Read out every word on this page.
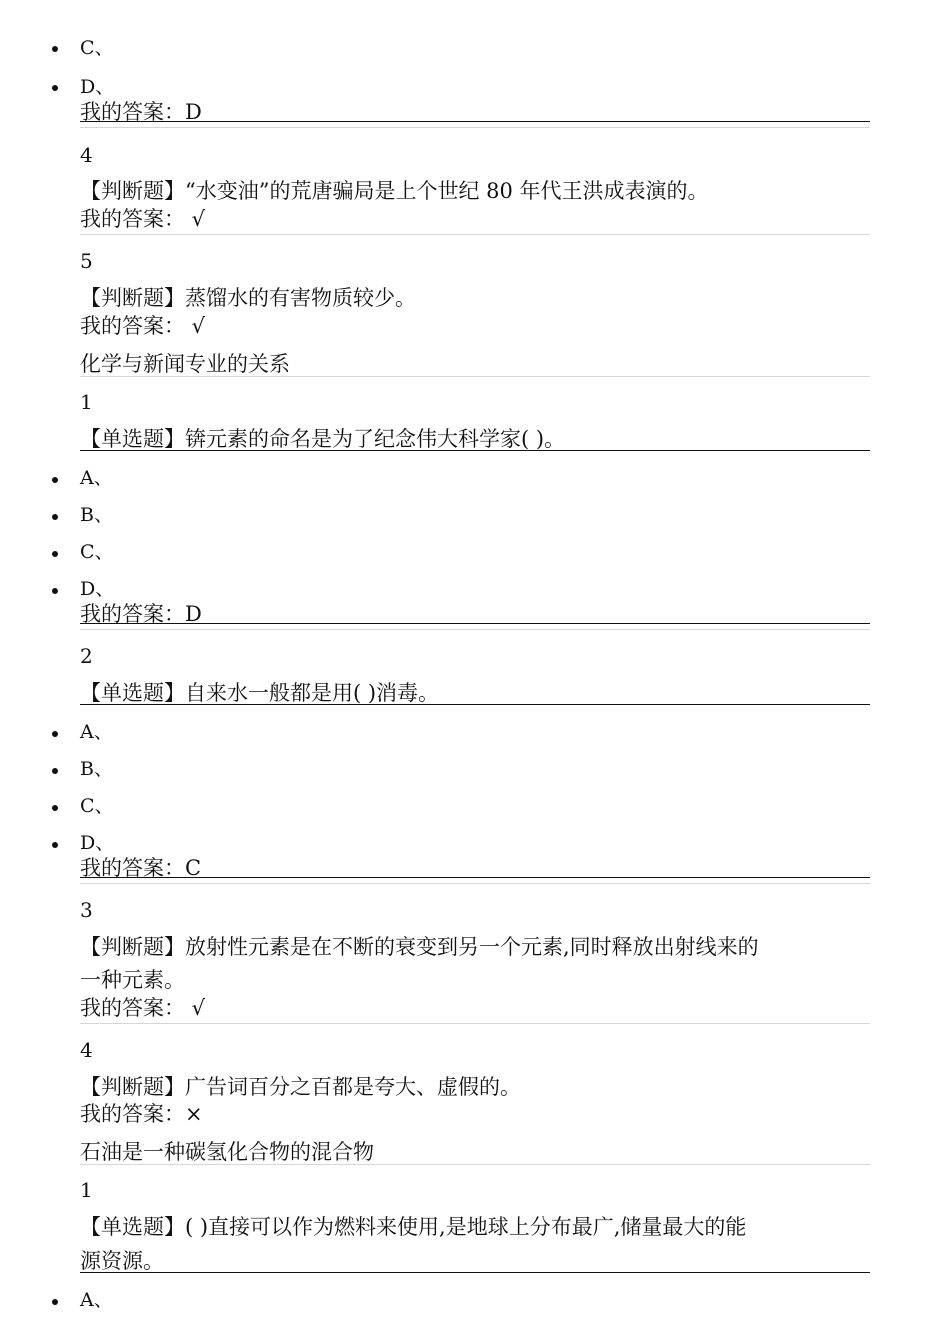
C、
D、

我的答案：D

4

【判断题】“水变油”的荒唐骗局是上个世纪 80 年代王洪成表演的。

我的答案： √

5

【判断题】蒸馏水的有害物质较少。

我的答案： √

化学与新闻专业的关系

1

【单选题】锛元素的命名是为了纪念伟大科学家( )。

A、
B、
C、
D、

我的答案：D

2

【单选题】自来水一般都是用( )消毒。

A、
B、
C、
D、

我的答案：C

3

【判断题】放射性元素是在不断的衰变到另一个元素,同时释放出射线来的

一种元素。

我的答案： √

4

【判断题】广告词百分之百都是夸大、虚假的。

我的答案：×

石油是一种碳氢化合物的混合物

1

【单选题】( )直接可以作为燃料来使用,是地球上分布最广,储量最大的能

源资源。

A、
